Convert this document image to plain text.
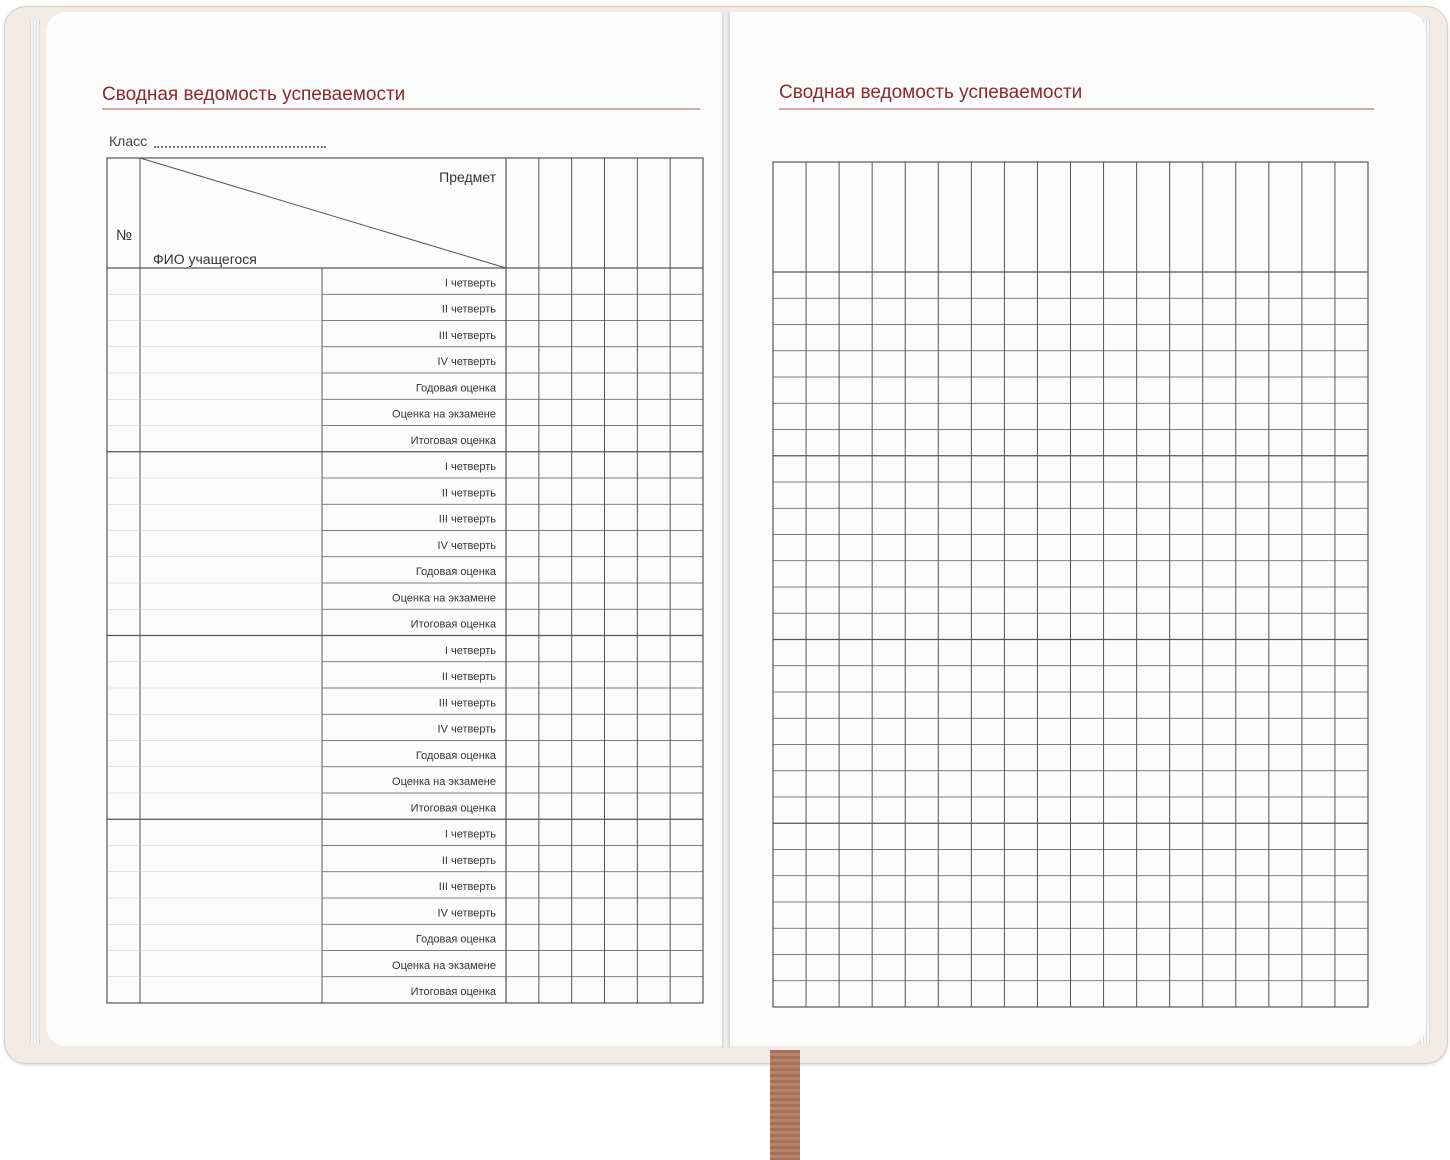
Сводная ведомость успеваемости	Сводная ведомость успеваемости
Класс
№
Предмет
ФИО учащегося
I четверть
II четверть
III четверть
IV четверть
Годовая оценка
Оценка на экзамене
Итоговая оценка
I четверть
II четверть
III четверть
IV четверть
Годовая оценка
Оценка на экзамене
Итоговая оценка
I четверть
II четверть
III четверть
IV четверть
Годовая оценка
Оценка на экзамене
Итоговая оценка
I четверть
II четверть
III четверть
IV четверть
Годовая оценка
Оценка на экзамене
Итоговая оценка
